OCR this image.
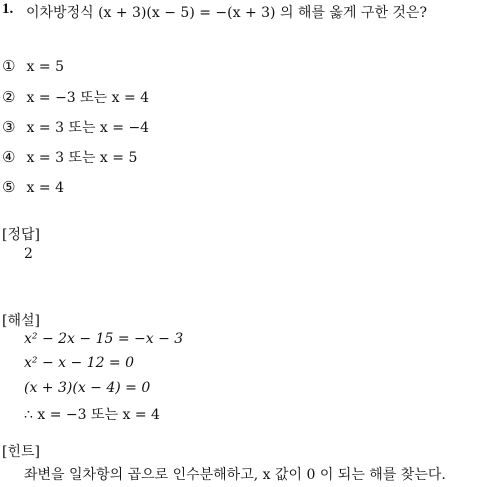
1. 이차방정식 (x + 3)(x − 5) = −(x + 3) 의 해를 옳게 구한 것은?
① x = 5
② x = −3 또는 x = 4
③ x = 3 또는 x = −4
④ x = 3 또는 x = 5
⑤ x = 4
[정답]
2
[해설]
x² − 2x − 15 = −x − 3
x² − x − 12 = 0
(x + 3)(x − 4) = 0
∴ x = −3 또는 x = 4
[힌트]
좌변을 일차항의 곱으로 인수분해하고, x 값이 0 이 되는 해를 찾는다.
